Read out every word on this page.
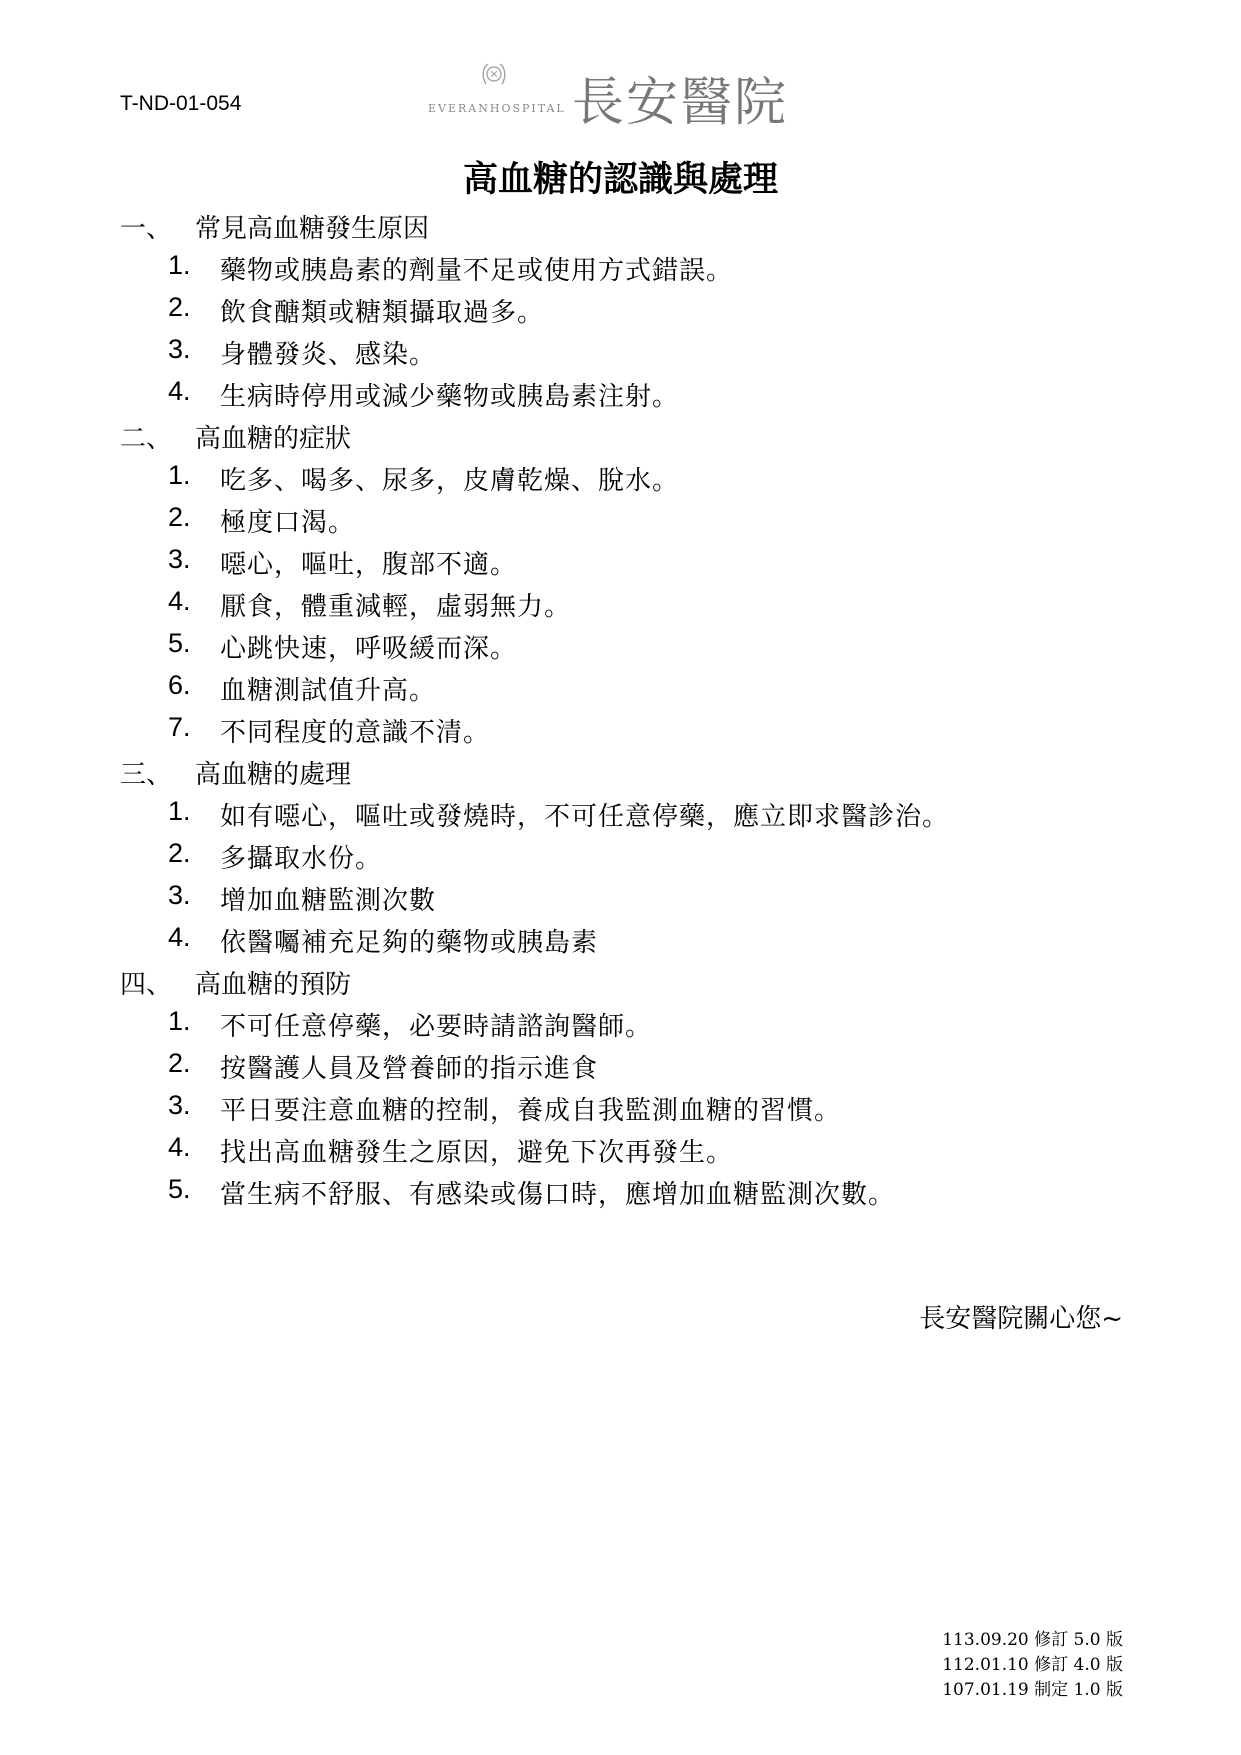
T-ND-01-054	EVERANHOSPITAL 長安醫院
高血糖的認識與處理
一、 常見高血糖發生原因
1. 藥物或胰島素的劑量不足或使用方式錯誤。
2. 飲食醣類或糖類攝取過多。
3. 身體發炎、感染。
4. 生病時停用或減少藥物或胰島素注射。
二、 高血糖的症狀
1. 吃多、喝多、尿多，皮膚乾燥、脫水。
2. 極度口渴。
3. 噁心，嘔吐，腹部不適。
4. 厭食，體重減輕，虛弱無力。
5. 心跳快速，呼吸緩而深。
6. 血糖測試值升高。
7. 不同程度的意識不清。
三、 高血糖的處理
1. 如有噁心，嘔吐或發燒時，不可任意停藥，應立即求醫診治。
2. 多攝取水份。
3. 增加血糖監測次數
4. 依醫囑補充足夠的藥物或胰島素
四、 高血糖的預防
1. 不可任意停藥，必要時請諮詢醫師。
2. 按醫護人員及營養師的指示進食
3. 平日要注意血糖的控制，養成自我監測血糖的習慣。
4. 找出高血糖發生之原因，避免下次再發生。
5. 當生病不舒服、有感染或傷口時，應增加血糖監測次數。
長安醫院關心您~
113.09.20 修訂 5.0 版
112.01.10 修訂 4.0 版
107.01.19 制定 1.0 版
